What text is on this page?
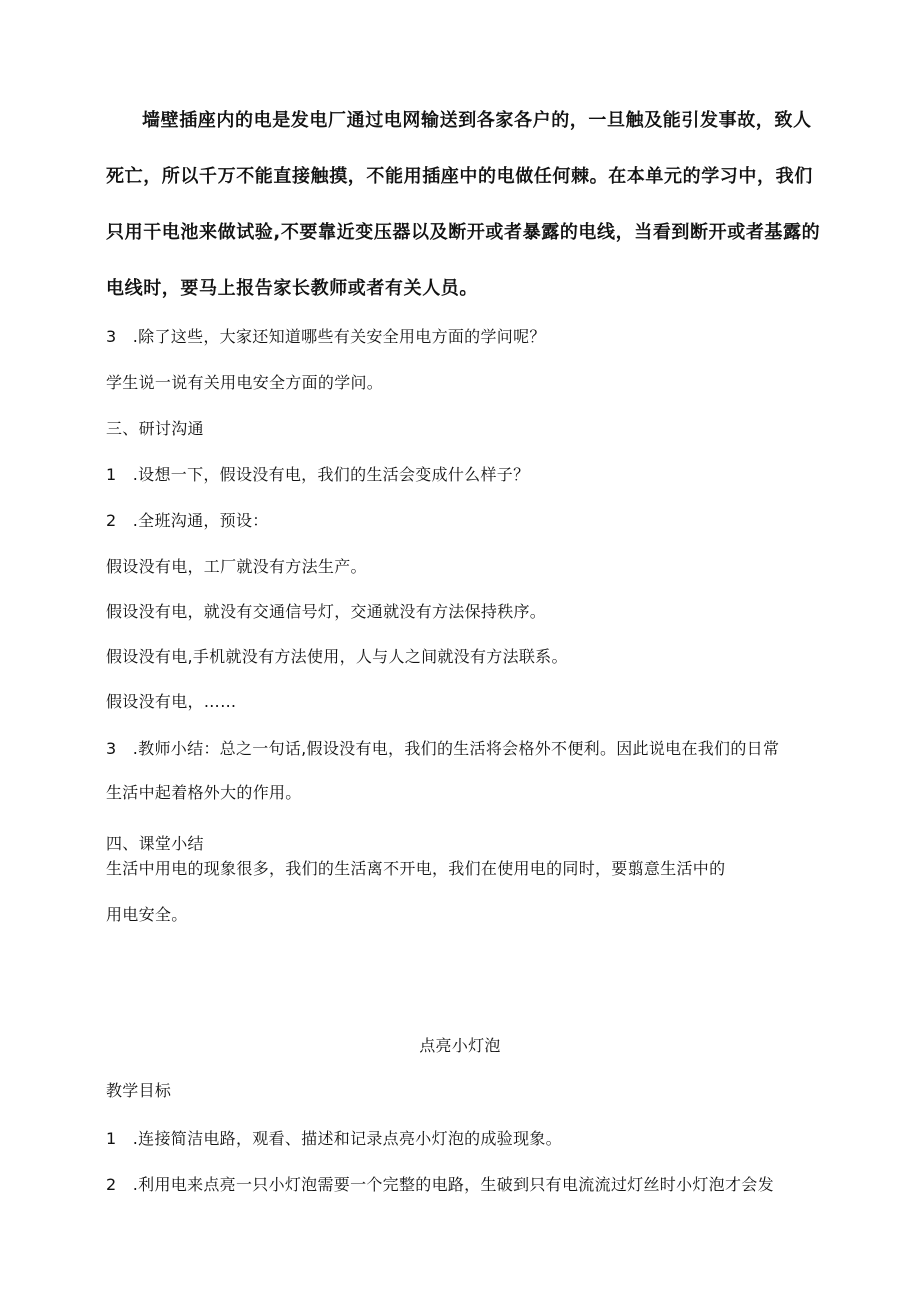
墙壁插座内的电是发电厂通过电网输送到各家各户的，一旦触及能引发事故，致人
死亡，所以千万不能直接触摸，不能用插座中的电做任何棘。在本单元的学习中，我们
只用干电池来做试验,不要靠近变压器以及断开或者暴露的电线，当看到断开或者基露的
电线时，要马上报告家长教师或者有关人员。
3　.除了这些，大家还知道哪些有关安全用电方面的学问呢？
学生说一说有关用电安全方面的学问。
三、研讨沟通
1　.设想一下，假设没有电，我们的生活会变成什么样子？
2　.全班沟通，预设：
假设没有电，工厂就没有方法生产。
假设没有电，就没有交通信号灯，交通就没有方法保持秩序。
假设没有电,手机就没有方法使用，人与人之间就没有方法联系。
假设没有电，……
3　.教师小结：总之一句话,假设没有电，我们的生活将会格外不便利。因此说电在我们的日常
生活中起着格外大的作用。
四、课堂小结
生活中用电的现象很多，我们的生活离不开电，我们在使用电的同时，要翦意生活中的
用电安全。
点亮小灯泡
教学目标
1　.连接简洁电路，观看、描述和记录点亮小灯泡的成验现象。
2　.利用电来点亮一只小灯泡需要一个完整的电路，生破到只有电流流过灯丝时小灯泡才会发
